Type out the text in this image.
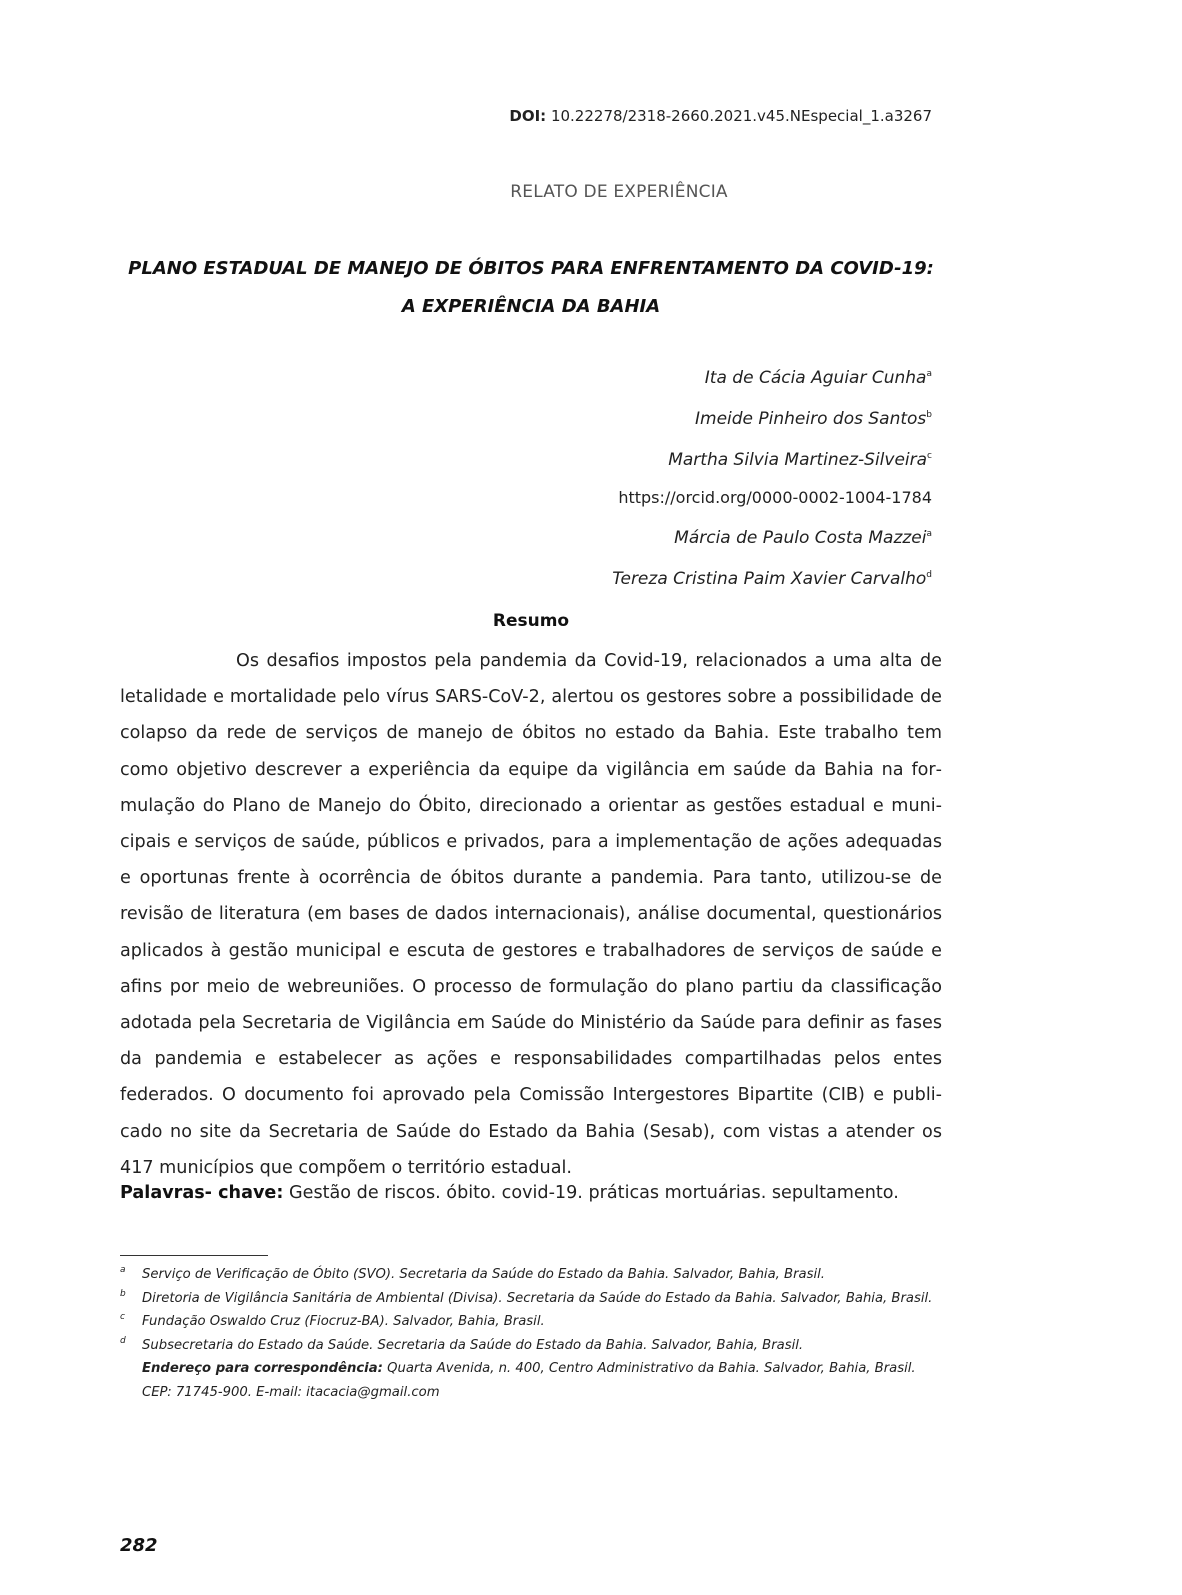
DOI: 10.22278/2318-2660.2021.v45.NEspecial_1.a3267
RELATO DE EXPERIÊNCIA
PLANO ESTADUAL DE MANEJO DE ÓBITOS PARA ENFRENTAMENTO DA COVID-19:
A EXPERIÊNCIA DA BAHIA
Ita de Cácia Aguiar Cunha$^a$
Imeide Pinheiro dos Santos$^b$
Martha Silvia Martinez-Silveira$^c$
https://orcid.org/0000-0002-1004-1784
Márcia de Paulo Costa Mazzei$^a$
Tereza Cristina Paim Xavier Carvalho$^d$
Resumo

Os desafios impostos pela pandemia da Covid-19, relacionados a uma alta de letalidade e mortalidade pelo vírus SARS-CoV-2, alertou os gestores sobre a possibilidade de colapso da rede de serviços de manejo de óbitos no estado da Bahia. Este trabalho tem como objetivo descrever a experiência da equipe da vigilância em saúde da Bahia na formulação do Plano de Manejo do Óbito, direcionado a orientar as gestões estadual e municipais e serviços de saúde, públicos e privados, para a implementação de ações adequadas e oportunas frente à ocorrência de óbitos durante a pandemia. Para tanto, utilizou-se de revisão de literatura (em bases de dados internacionais), análise documental, questionários aplicados à gestão municipal e escuta de gestores e trabalhadores de serviços de saúde e afins por meio de webreuniões. O processo de formulação do plano partiu da classificação adotada pela Secretaria de Vigilância em Saúde do Ministério da Saúde para definir as fases da pandemia e estabelecer as ações e responsabilidades compartilhadas pelos entes federados. O documento foi aprovado pela Comissão Intergestores Bipartite (CIB) e publicado no site da Secretaria de Saúde do Estado da Bahia (Sesab), com vistas a atender os 417 municípios que compõem o território estadual.

Palavras- chave: Gestão de riscos. óbito. covid-19. práticas mortuárias. sepultamento.
a Serviço de Verificação de Óbito (SVO). Secretaria da Saúde do Estado da Bahia. Salvador, Bahia, Brasil.
b Diretoria de Vigilância Sanitária de Ambiental (Divisa). Secretaria da Saúde do Estado da Bahia. Salvador, Bahia, Brasil.
c Fundação Oswaldo Cruz (Fiocruz-BA). Salvador, Bahia, Brasil.
d Subsecretaria do Estado da Saúde. Secretaria da Saúde do Estado da Bahia. Salvador, Bahia, Brasil.
Endereço para correspondência: Quarta Avenida, n. 400, Centro Administrativo da Bahia. Salvador, Bahia, Brasil.
CEP: 71745-900. E-mail: itacacia@gmail.com
282
